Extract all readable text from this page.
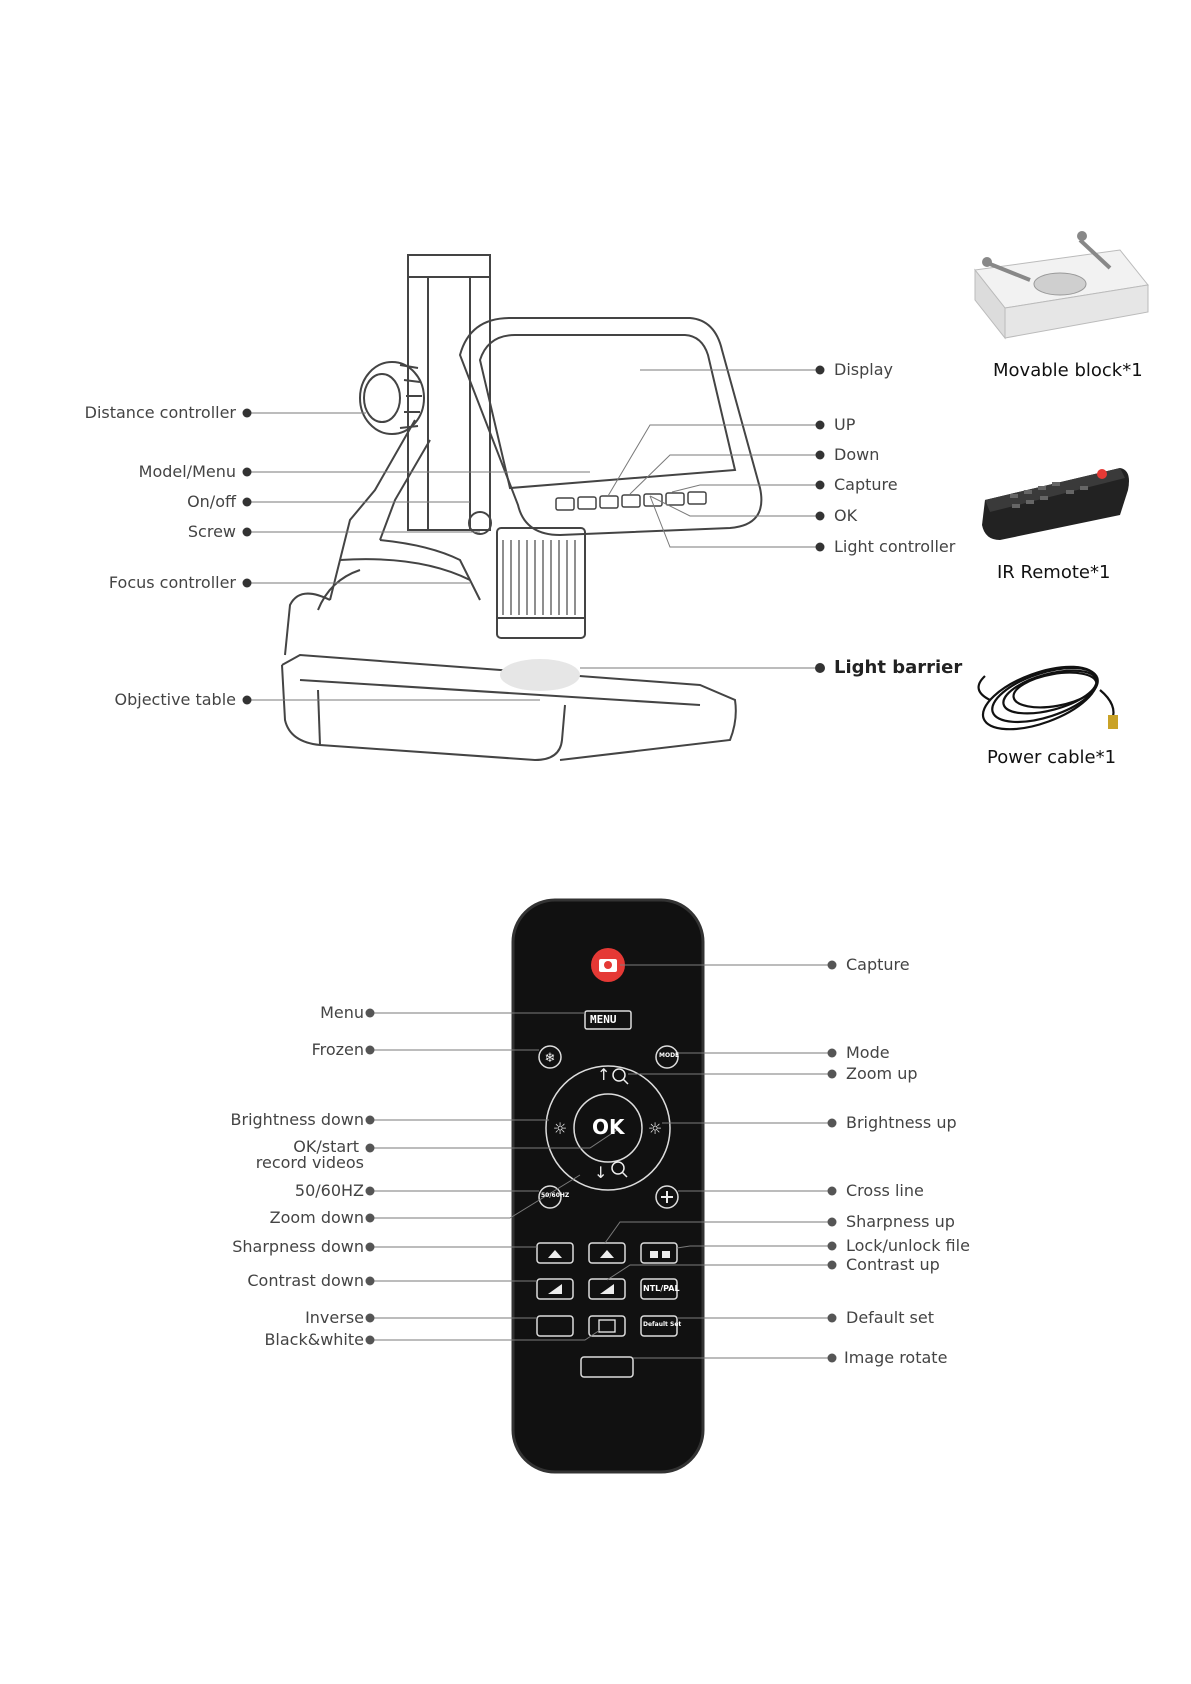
❄
↑
↓
☼	☼
MENU
MODE
OK
50/60HZ
NTL/PAL
Default Set
Distance controller
Model/Menu
On/off
Screw
Focus controller
Objective table
Display
UP
Down
Capture
OK
Light controller
Light barrier
Movable block*1
IR Remote*1
Power cable*1
Menu
Frozen
Brightness down
OK/start
record videos
50/60HZ
Zoom down
Sharpness down
Contrast down
Inverse
Black&white
Capture
Mode
Zoom up
Brightness up
Cross line
Sharpness up
Lock/unlock file
Contrast up
Default set
Image rotate
